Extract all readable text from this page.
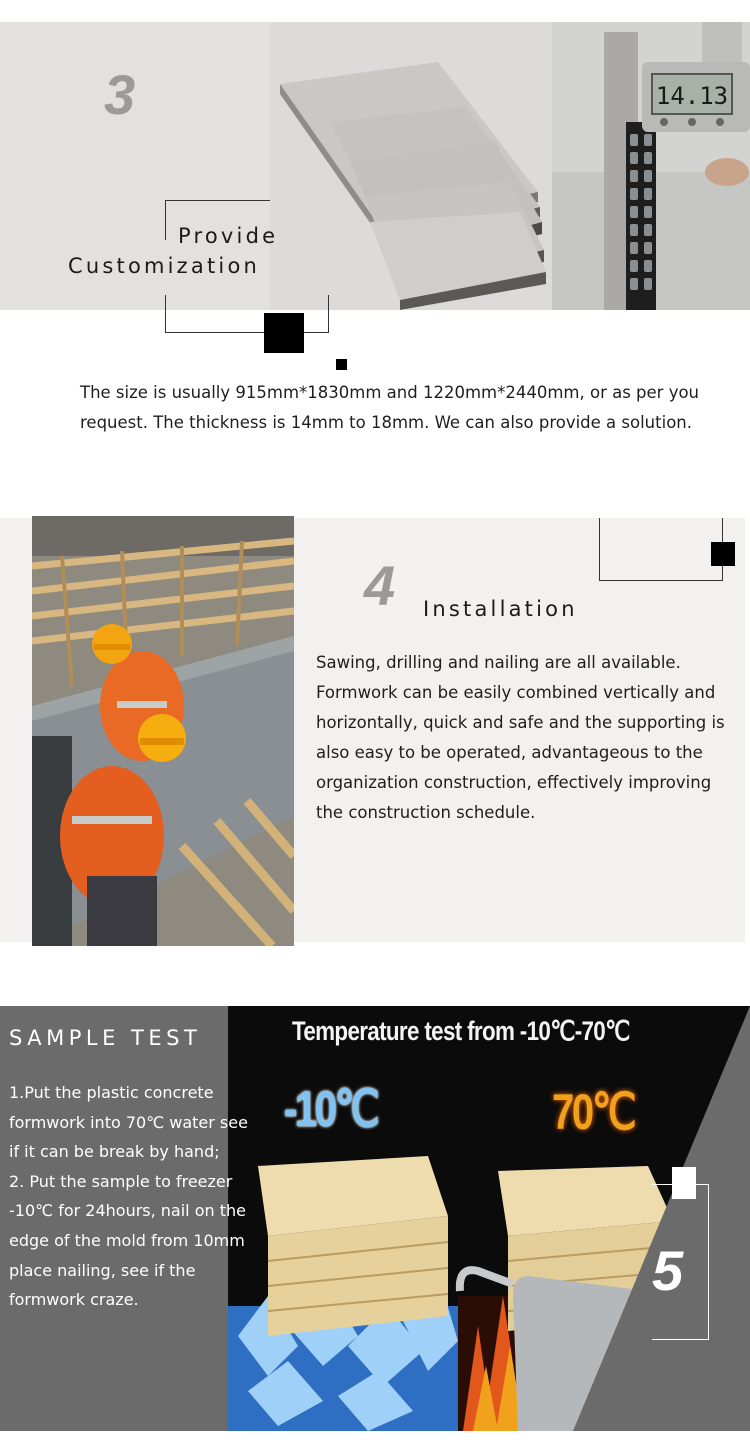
14.13
3
Provide
Customization

The size is usually 915mm*1830mm and 1220mm*2440mm, or as per you request. The thickness is 14mm to 18mm. We can also provide a solution.

4 Installation

Sawing, drilling and nailing are all available. Formwork can be easily combined vertically and horizontally, quick and safe and the supporting is also easy to be operated, advantageous to the organization construction, effectively improving the construction schedule.

SAMPLE TEST

1.Put the plastic concrete formwork into 70℃ water see if it can be break by hand;

2. Put the sample to freezer -10℃ for 24hours, nail on the edge of the mold from 10mm place nailing, see if the formwork craze.

Temperature test from -10℃-70℃
-10℃	70℃
5
